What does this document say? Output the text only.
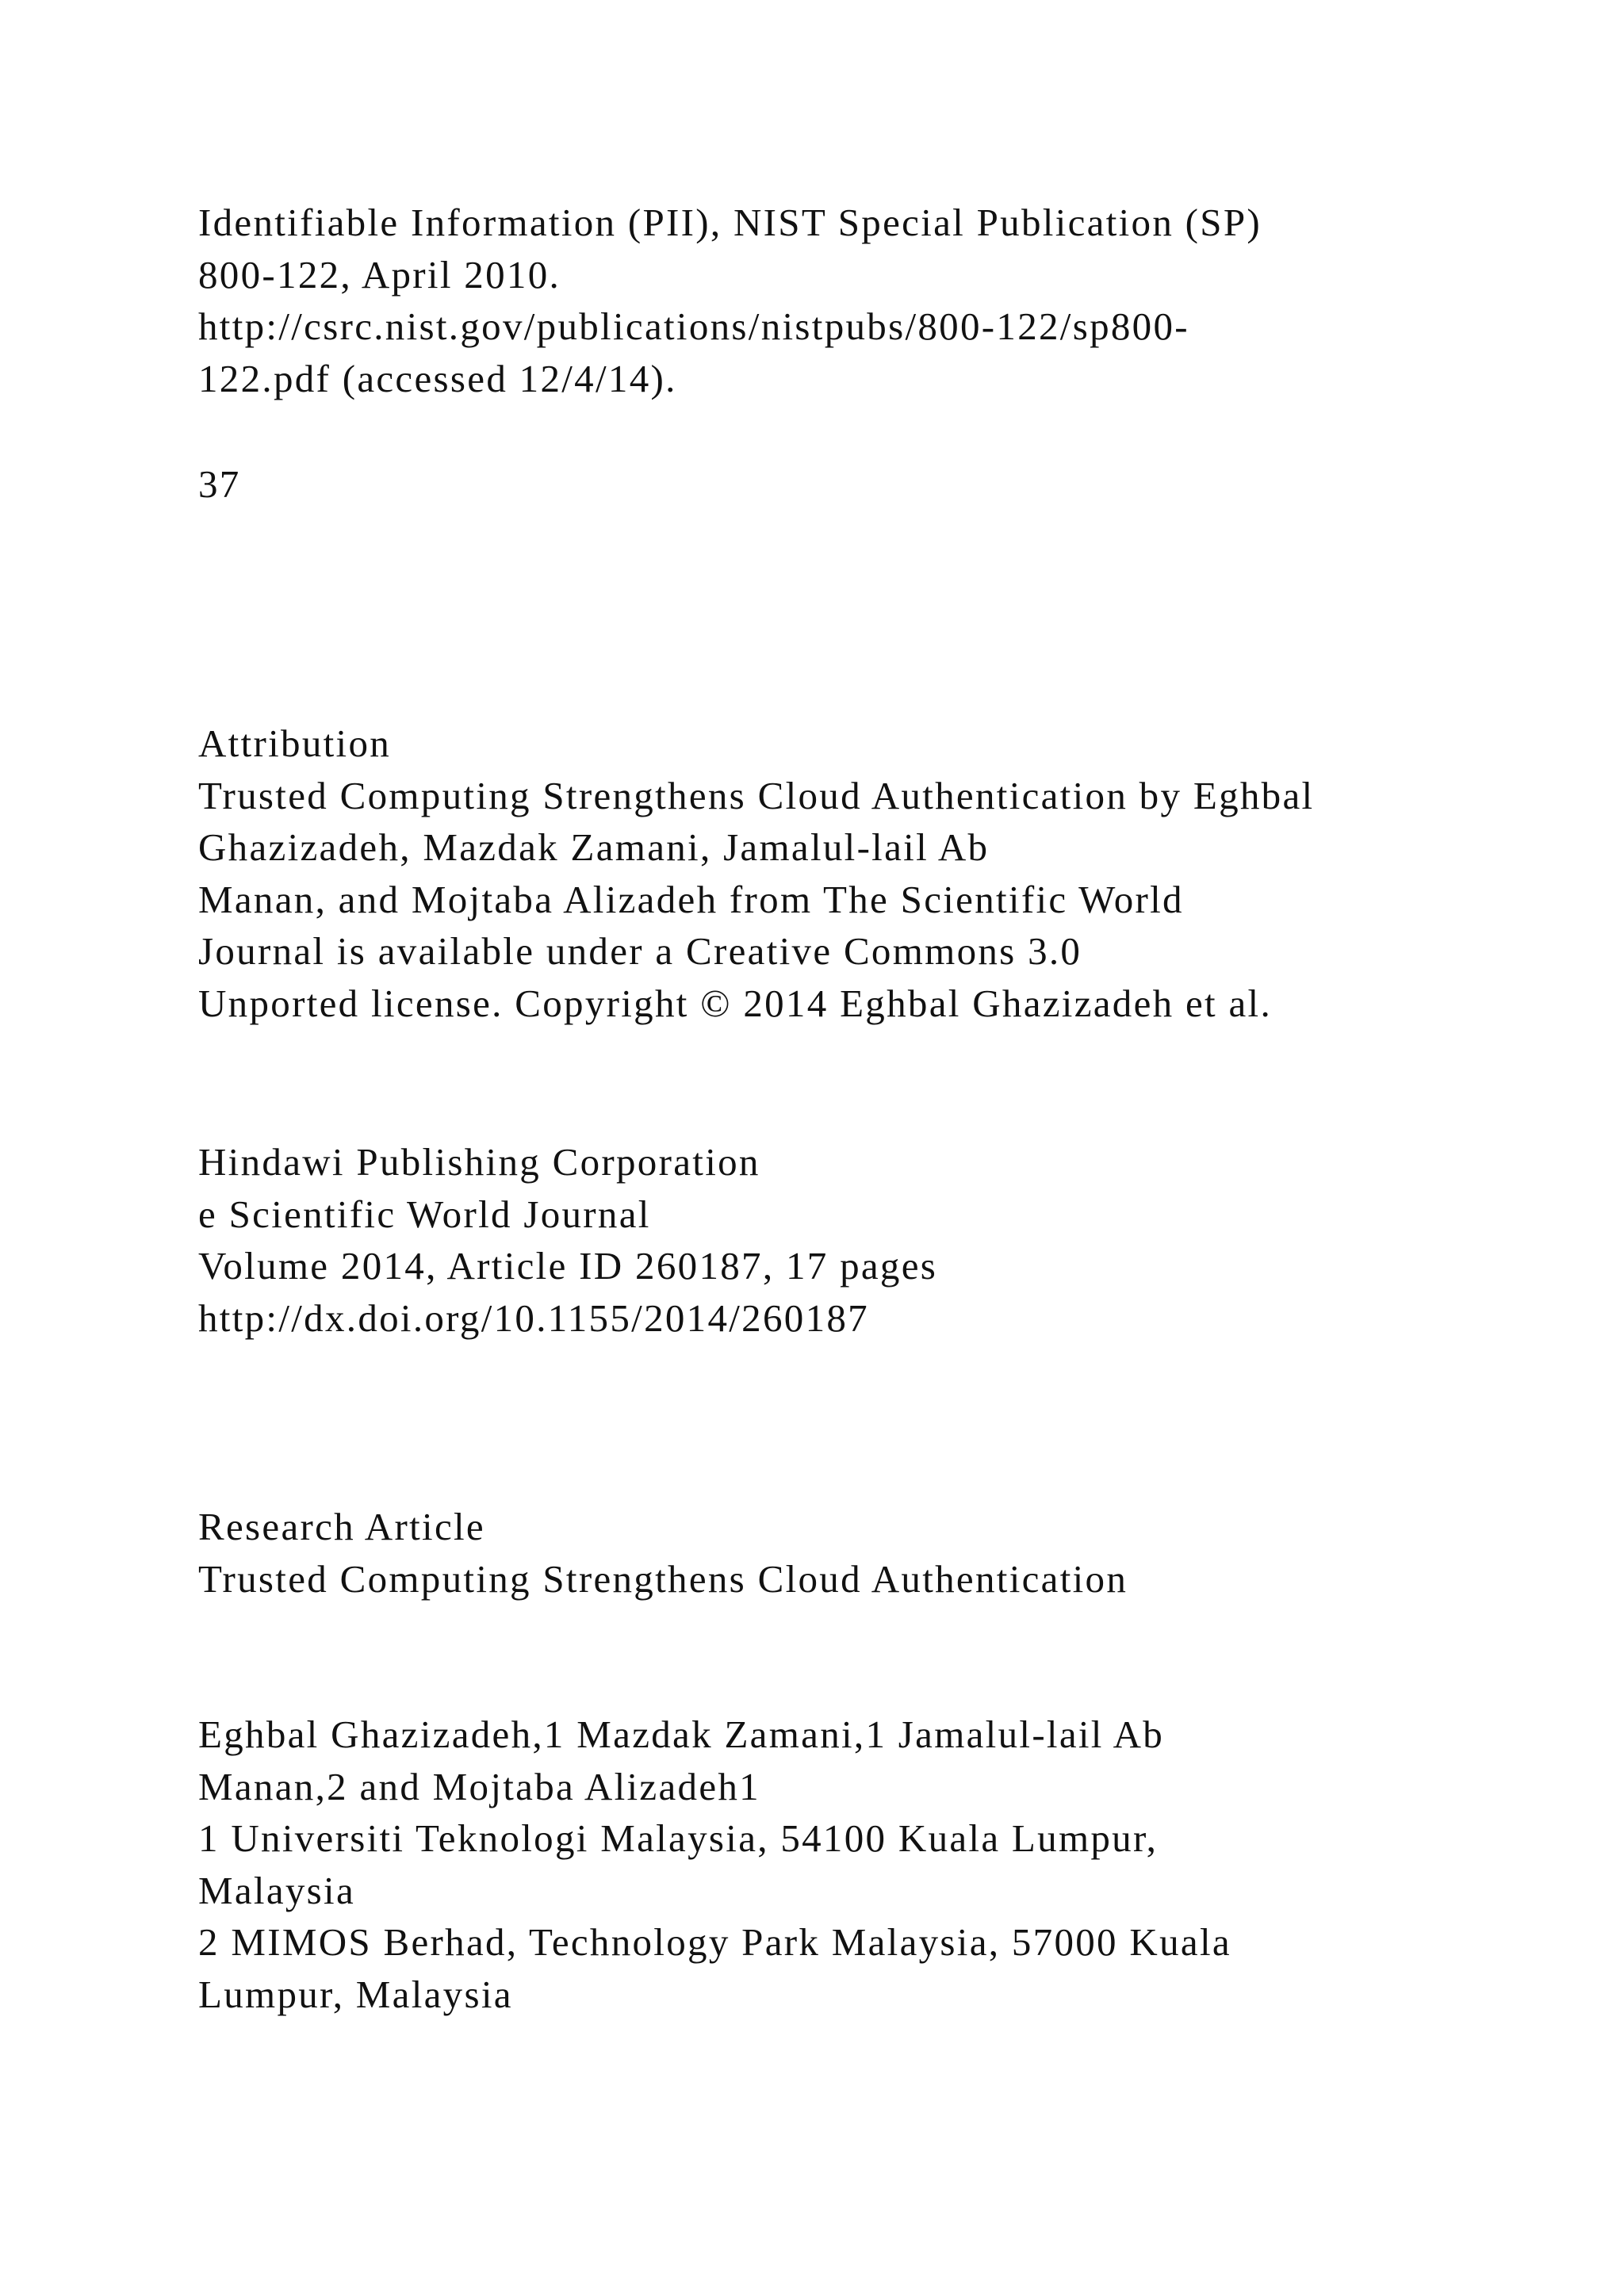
Identifiable Information (PII), NIST Special Publication (SP)
800-122, April 2010.
http://csrc.nist.gov/publications/nistpubs/800-122/sp800-
122.pdf (accessed 12/4/14).
37
Attribution
Trusted Computing Strengthens Cloud Authentication by Eghbal
Ghazizadeh, Mazdak Zamani, Jamalul-lail Ab
Manan, and Mojtaba Alizadeh from The Scientific World
Journal is available under a Creative Commons 3.0
Unported license. Copyright © 2014 Eghbal Ghazizadeh et al.
Hindawi Publishing Corporation
e Scientific World Journal
Volume 2014, Article ID 260187, 17 pages
http://dx.doi.org/10.1155/2014/260187
Research Article
Trusted Computing Strengthens Cloud Authentication
Eghbal Ghazizadeh,1 Mazdak Zamani,1 Jamalul-lail Ab
Manan,2 and Mojtaba Alizadeh1
1 Universiti Teknologi Malaysia, 54100 Kuala Lumpur,
Malaysia
2 MIMOS Berhad, Technology Park Malaysia, 57000 Kuala
Lumpur, Malaysia
